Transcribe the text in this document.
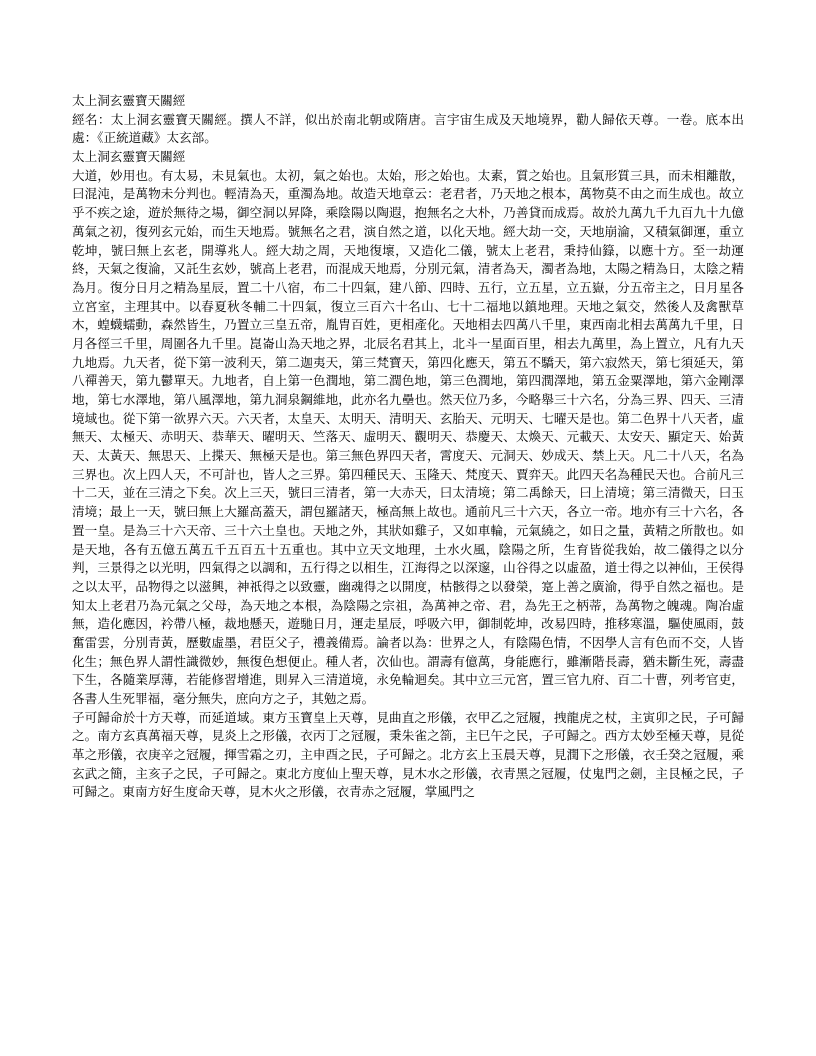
太上洞玄靈寶天關經

經名：太上洞玄靈寶天關經。撰人不詳，似出於南北朝或隋唐。言宇宙生成及天地境界，勸人歸依天尊。一卷。底本出處：《正統道藏》太玄部。

太上洞玄靈寶天關經

大道，妙用也。有太易，未見氣也。太初，氣之始也。太始，形之始也。太素，質之始也。且氣形質三具，而未相離散，曰混沌，是萬物未分判也。輕清為天，重濁為地。故造天地章云：老君者，乃天地之根本，萬物莫不由之而生成也。故立乎不疾之途，遊於無待之場，御空洞以昇降，乘陰陽以陶遐，抱無名之大朴，乃善貸而成焉。故於九萬九千九百九十九億萬氣之初，復列玄元始，而生天地焉。號無名之君，演自然之道，以化天地。經大劫一交，天地崩淪，又積氣御運，重立乾坤，號曰無上玄老，開導兆人。經大劫之周，天地復壞，又造化二儀，號太上老君，秉持仙籙，以應十方。至一劫運終，天氣之復淪，又託生玄妙，號高上老君，而混成天地焉，分別元氣，清者為天，濁者為地，太陽之精為日，太陰之精為月。復分日月之精為星辰，置二十八宿，布二十四氣，建八節、四時、五行，立五星，立五嶽，分五帝主之，日月星各立宮室，主理其中。以春夏秋冬輔二十四氣，復立三百六十名山、七十二福地以鎮地理。天地之氣交，然後人及禽獸草木，蝗蠛蠕動，森然皆生，乃置立三皇五帝，胤胄百姓，更相產化。天地相去四萬八千里，東西南北相去萬萬九千里，日月各徑三千里，周圍各九千里。崑崙山為天地之界，北辰名君其上，北斗一星面百里，相去九萬里，為上置立，凡有九天九地焉。九天者，從下第一波利天，第二迦夷天，第三梵寶天，第四化應天，第五不驕天，第六寂然天，第七須延天，第八禪善天，第九鬱單天。九地者，自上第一色潤地，第二潤色地，第三色潤地，第四潤澤地，第五金粟澤地，第六金剛澤地，第七水澤地，第八風澤地，第九洞泉鋼維地，此亦名九壘也。然天位乃多，今略舉三十六名，分為三界、四天、三清境域也。從下第一欲界六天。六天者，太皇天、太明天、清明天、玄胎天、元明天、七曜天是也。第二色界十八天者，虛無天、太極天、赤明天、恭華天、曜明天、竺落天、虛明天、觀明天、恭慶天、太煥天、元載天、太安天、顯定天、始黃天、太黃天、無思天、上揲天、無極天是也。第三無色界四天者，霄度天、元洞天、妙成天、禁上天。凡二十八天，名為三界也。次上四人天，不可計也，皆人之三界。第四種民天、玉隆天、梵度天、賈弈天。此四天名為種民天也。合前凡三十二天，並在三清之下矣。次上三天，號曰三清者，第一大赤天，曰太清境；第二禹餘天，曰上清境；第三清微天，曰玉清境；最上一天，號曰無上大羅高蓋天，謂包羅諸天，極高無上故也。通前凡三十六天，各立一帝。地亦有三十六名，各置一皇。是為三十六天帝、三十六土皇也。天地之外，其狀如雞子，又如車輪，元氣繞之，如日之量，黃精之所散也。如是天地，各有五億五萬五千五百五十五重也。其中立天文地理，土水火風，陰陽之所，生育皆從我始，故二儀得之以分判，三景得之以光明，四氣得之以調和，五行得之以相生，江海得之以深邃，山谷得之以虛盈，道士得之以神仙，王侯得之以太平，品物得之以滋興，神祇得之以致靈，幽魂得之以開度，枯骸得之以發榮，寔上善之廣渝，得乎自然之福也。是知太上老君乃為元氣之父母，為天地之本根，為陰陽之宗祖，為萬神之帝、君，為先王之柄蒂，為萬物之魄魂。陶冶虛無，造化應因，衿帶八極，裁地懸天，遊馳日月，運走星辰，呼吸六甲，御制乾坤，改易四時，推移寒溫，驅使風雨，鼓奮雷雲，分別青黃，歷數虛墨，君臣父子，禮義備焉。論者以為：世界之人，有陰陽色情，不因學人言有色而不交，人皆化生；無色界人謂性識微妙，無復色想便止。種人者，次仙也。謂壽有億萬，身能應行，雖漸階長壽，猶未斷生死，壽盡下生，各隨業厚薄，若能修習增進，則昇入三清道境，永免輪迴矣。其中立三元宮，置三官九府、百二十曹，列考官吏，各書人生死罪福，毫分無失，庶向方之子，其勉之焉。

子可歸命於十方天尊，而延道域。東方玉寶皇上天尊，見曲直之形儀，衣甲乙之冠履，拽龍虎之杖，主寅卯之民，子可歸之。南方玄真萬福天尊，見炎上之形儀，衣丙丁之冠履，秉朱雀之箚，主巳午之民，子可歸之。西方太妙至極天尊，見從革之形儀，衣庚辛之冠履，揮雪霜之刃，主申酉之民，子可歸之。北方玄上玉晨天尊，見潤下之形儀，衣壬癸之冠履，乘玄武之簡，主亥子之民，子可歸之。東北方度仙上聖天尊，見木水之形儀，衣青黑之冠履，仗鬼門之劍，主艮極之民，子可歸之。東南方好生度命天尊，見木火之形儀，衣青赤之冠履，掌風門之
